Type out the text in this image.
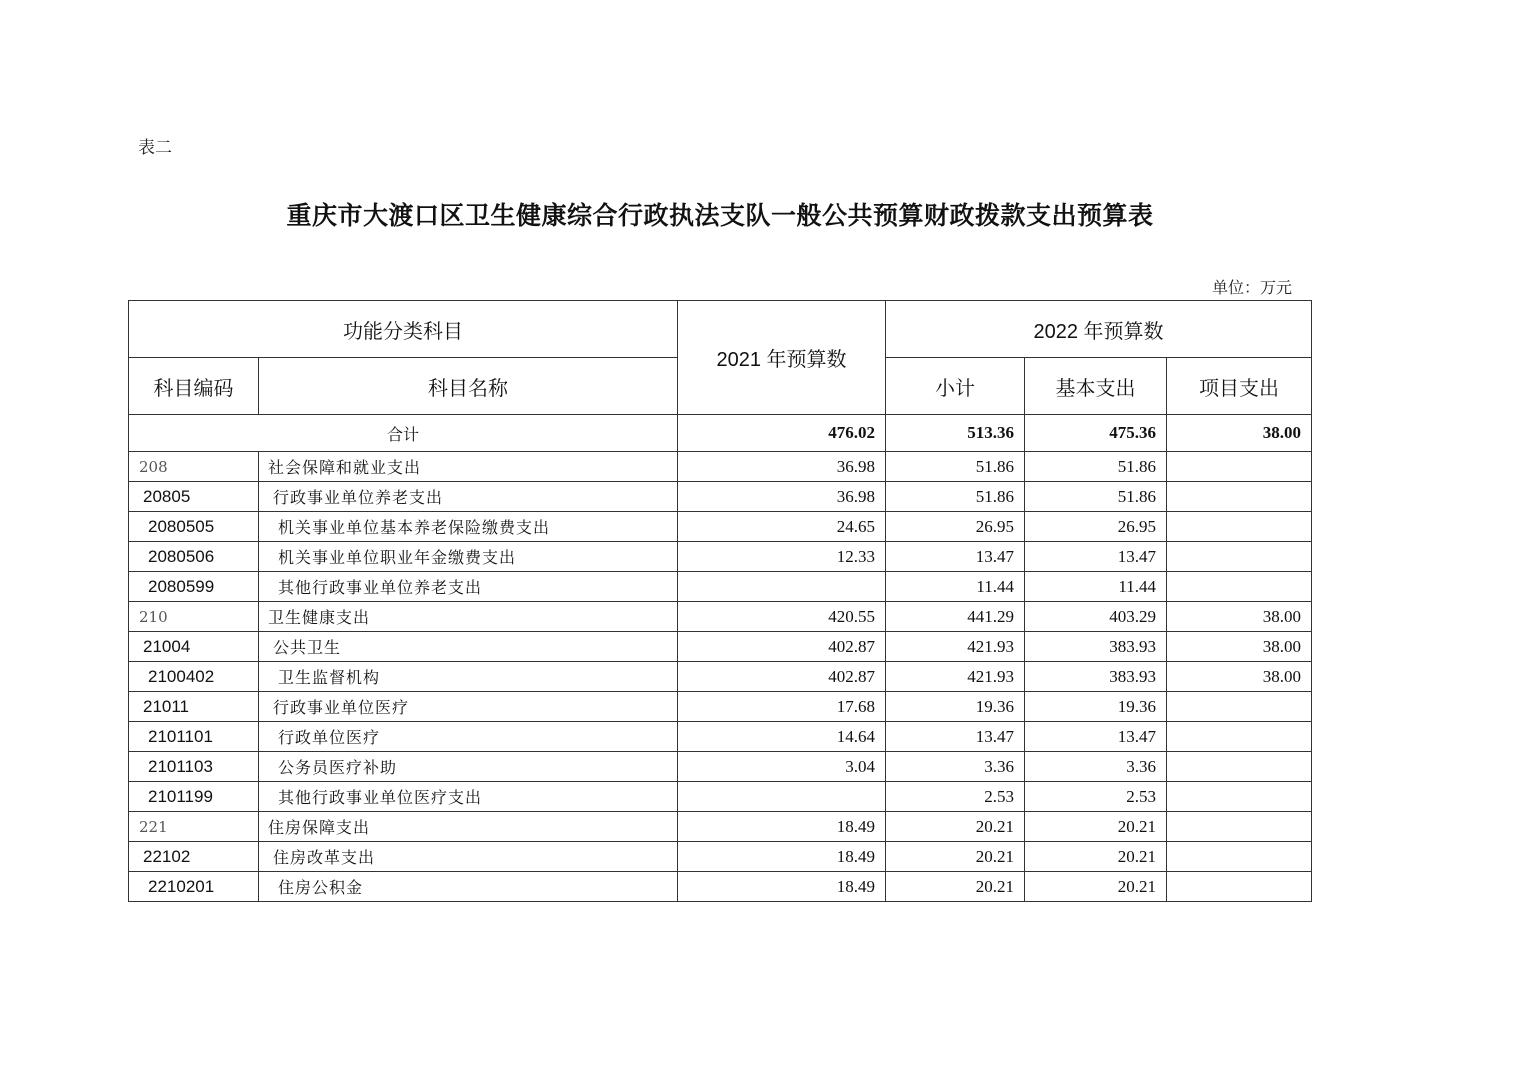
表二
重庆市大渡口区卫生健康综合行政执法支队一般公共预算财政拨款支出预算表
单位：万元
功能分类科目		2021 年预算数	2022 年预算数		
科目编码	科目名称		小计	基本支出	项目支出
合计		476.02	513.36	475.36	38.00
208	社会保障和就业支出	36.98	51.86	51.86	
20805	行政事业单位养老支出	36.98	51.86	51.86	
2080505	机关事业单位基本养老保险缴费支出	24.65	26.95	26.95	
2080506	机关事业单位职业年金缴费支出	12.33	13.47	13.47	
2080599	其他行政事业单位养老支出		11.44	11.44	
210	卫生健康支出	420.55	441.29	403.29	38.00
21004	公共卫生	402.87	421.93	383.93	38.00
2100402	卫生监督机构	402.87	421.93	383.93	38.00
21011	行政事业单位医疗	17.68	19.36	19.36	
2101101	行政单位医疗	14.64	13.47	13.47	
2101103	公务员医疗补助	3.04	3.36	3.36	
2101199	其他行政事业单位医疗支出		2.53	2.53	
221	住房保障支出	18.49	20.21	20.21	
22102	住房改革支出	18.49	20.21	20.21	
2210201	住房公积金	18.49	20.21	20.21	
